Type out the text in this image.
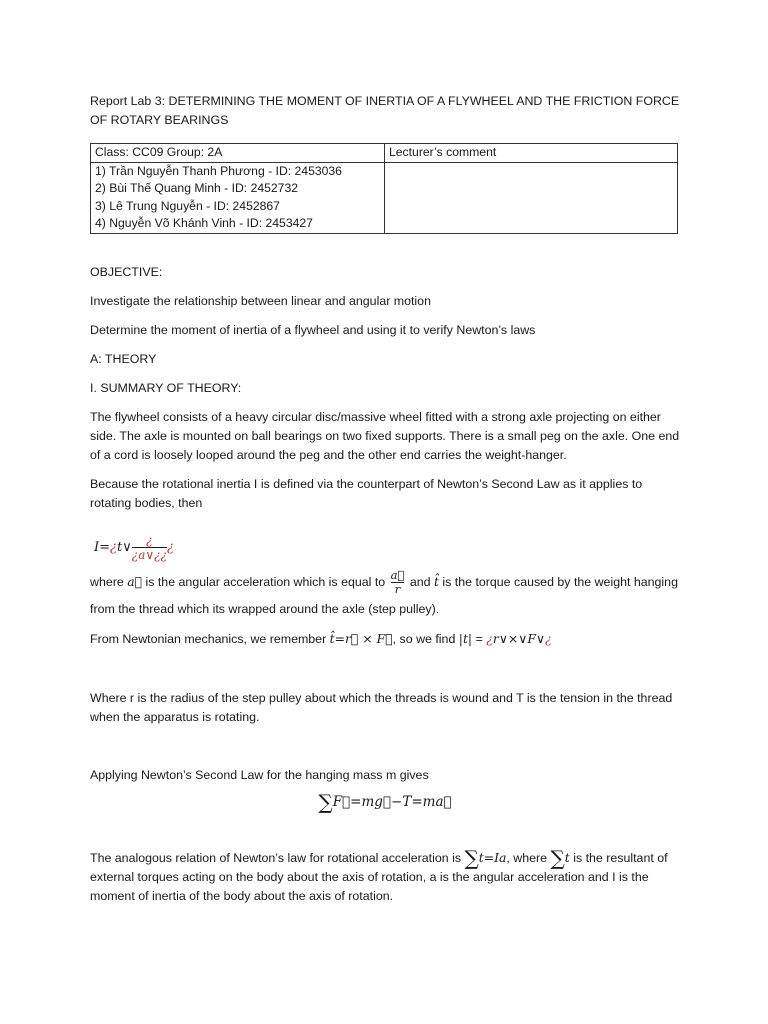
Report Lab 3: DETERMINING THE MOMENT OF INERTIA OF A FLYWHEEL AND THE FRICTION FORCE OF ROTARY BEARINGS

Class: CC09 Group: 2A	Lecturer’s comment

1) Trần Nguyễn Thanh Phương - ID: 2453036
2) Bùi Thế Quang Minh - ID: 2452732
3) Lê Trung Nguyễn - ID: 2452867
4) Nguyễn Võ Khánh Vinh - ID: 2453427	

OBJECTIVE:

Investigate the relationship between linear and angular motion

Determine the moment of inertia of a flywheel and using it to verify Newton’s laws

A: THEORY

I. SUMMARY OF THEORY:

The flywheel consists of a heavy circular disc/massive wheel fitted with a strong axle projecting on either side. The axle is mounted on ball bearings on two fixed supports. There is a small peg on the axle. One end of a cord is loosely looped around the peg and the other end carries the weight-hanger.

Because the rotational inertia I is defined via the counterpart of Newton’s Second Law as it applies to rotating bodies, then

I=¿t∨ $\frac{¿}{¿a\vee¿¿}$ ¿

where a⃗ is the angular acceleration which is equal to $\frac{a⃗}{r}$ and t̂ is the torque caused by the weight hanging

from the thread which its wrapped around the axle (step pulley).

From Newtonian mechanics, we remember t̂=r⃗ × F⃗, so we find |t| = ¿r∨×∨F∨¿

Where r is the radius of the step pulley about which the threads is wound and T is the tension in the thread when the apparatus is rotating.

Applying Newton’s Second Law for the hanging mass m gives

∑F⃗=mg⃗−T=ma⃗

The analogous relation of Newton’s law for rotational acceleration is ∑t=Ia, where ∑t is the resultant of external torques acting on the body about the axis of rotation, a is the angular acceleration and I is the moment of inertia of the body about the axis of rotation.
